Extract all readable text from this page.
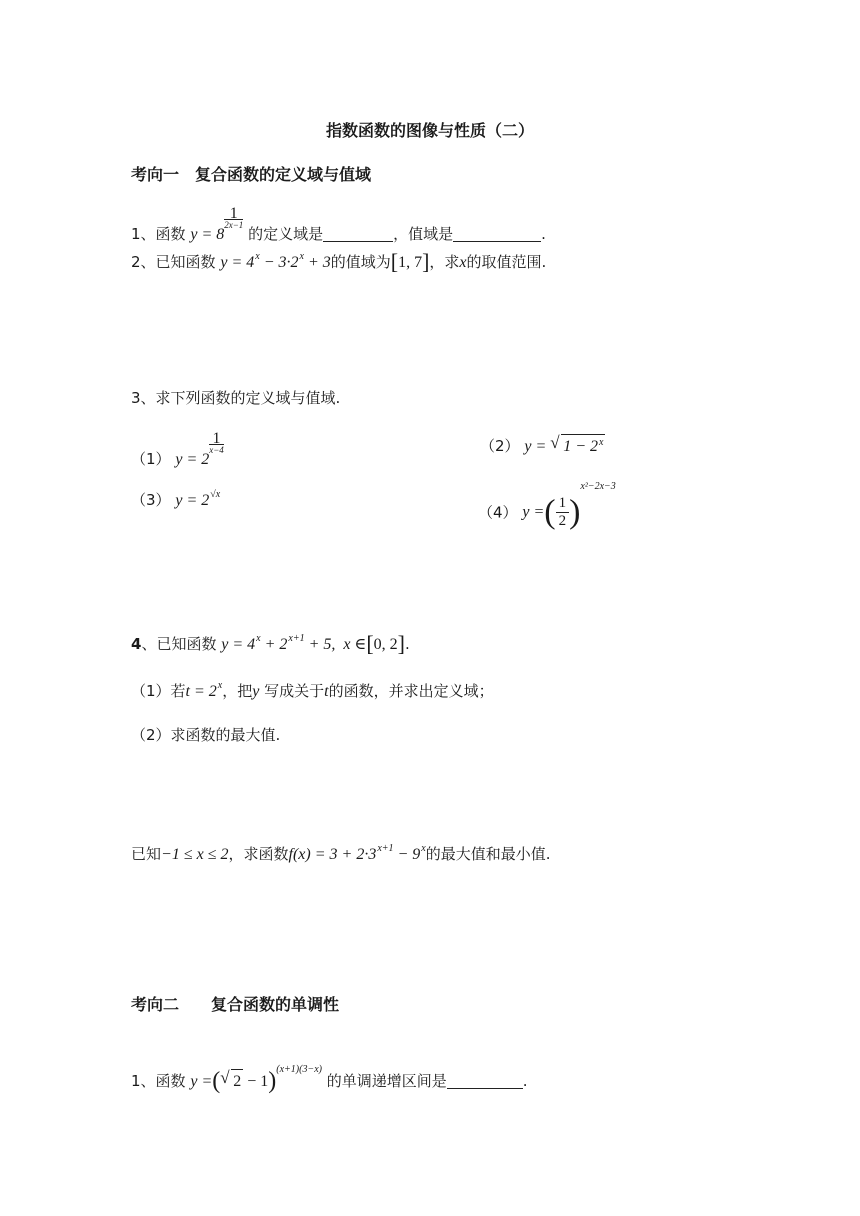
指数函数的图像与性质（二）
考向一　复合函数的定义域与值域
1、函数 y = 8
$\frac{1}{2x-1}$
的定义域是	，值域是	.
2、已知函数 $y = 4^x - 3\cdot 2^x + 3$的值域为[1, 7]，求x的取值范围.
3、求下列函数的定义域与值域.
（1） y = 2
$\frac{1}{x-4}$	（2） y = √ $1 - 2^x$
（3） $y = 2^{√x}$
（4） y =( $\frac{1}{2})^{x^2-2x-3}$
4、已知函数 $y = 4^x + 2^{x+1} + 5$,  x ∈[0, 2].
（1）若$t = 2^x$，把y 写成关于t的函数，并求出定义域；
（2）求函数的最大值.
已知−1 ≤ x ≤ 2，求函数$f(x) = 3 + 2\cdot 3^{x+1} - 9^x$的最大值和最小值.
考向二　　复合函数的单调性
1、函数 y =( √ 2 − 1)$^{(x+1)(3-x)}$ 的单调递增区间是	.
